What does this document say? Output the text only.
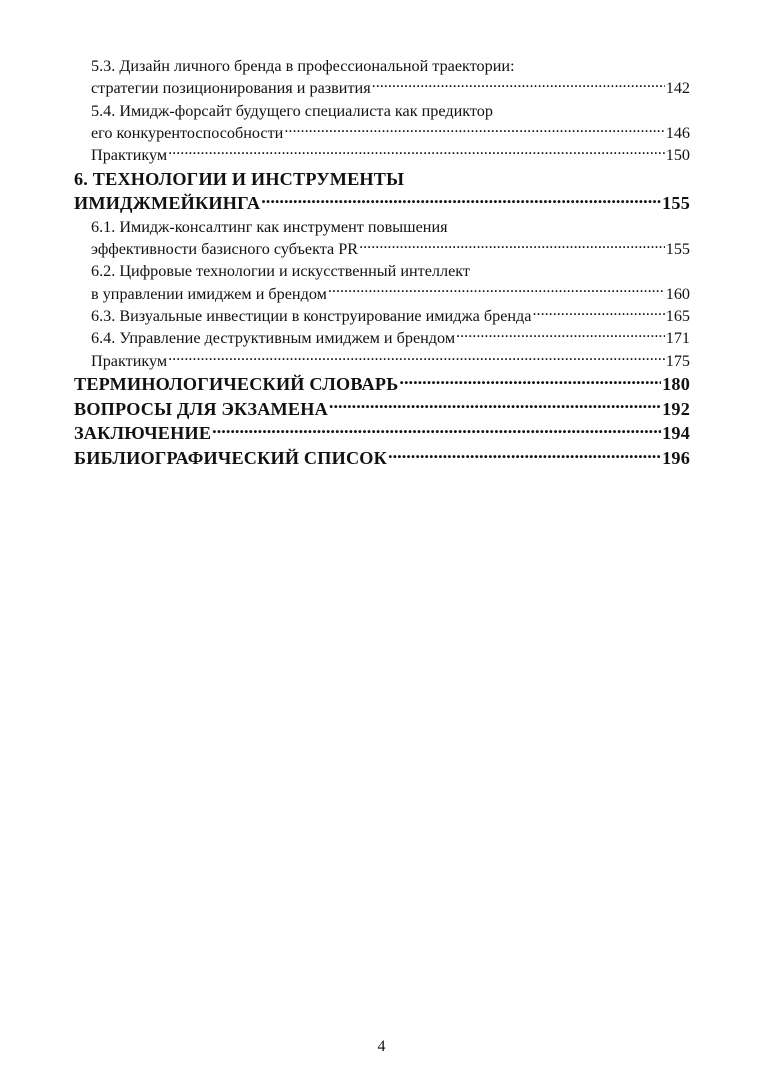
5.3. Дизайн личного бренда в профессиональной траектории:
стратегии позиционирования и развития .....	142
5.4. Имидж-форсайт будущего специалиста как предиктор
его конкурентоспособности .....	146
Практикум .....	150
6. ТЕХНОЛОГИИ И ИНСТРУМЕНТЫ
ИМИДЖМЕЙКИНГА .....	155
6.1. Имидж-консалтинг как инструмент повышения
эффективности базисного субъекта PR .....	155
6.2. Цифровые технологии и искусственный интеллект
в управлении имиджем и брендом .....	160
6.3. Визуальные инвестиции в конструирование имиджа бренда .....	165
6.4. Управление деструктивным имиджем и брендом .....	171
Практикум .....	175
ТЕРМИНОЛОГИЧЕСКИЙ СЛОВАРЬ .....	180
ВОПРОСЫ ДЛЯ ЭКЗАМЕНА .....	192
ЗАКЛЮЧЕНИЕ .....	194
БИБЛИОГРАФИЧЕСКИЙ СПИСОК .....	196
4
